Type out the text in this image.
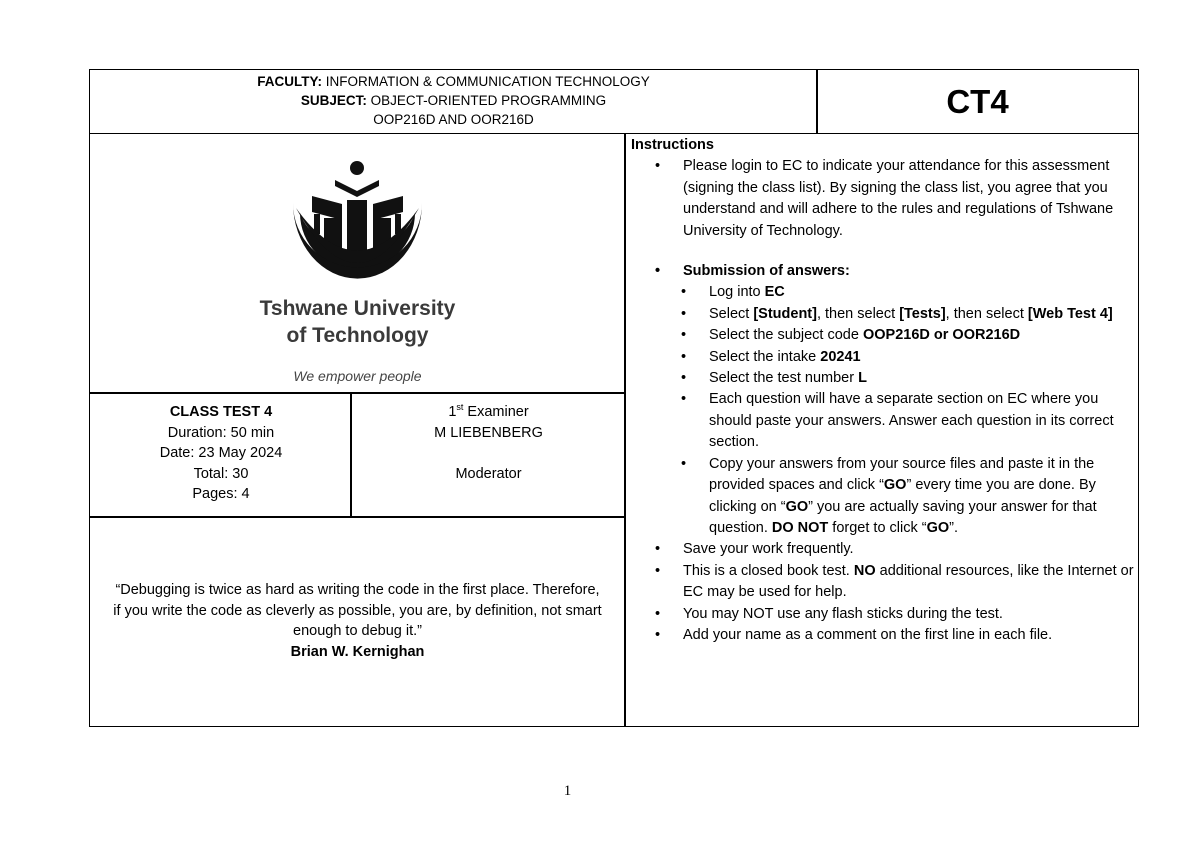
FACULTY: INFORMATION & COMMUNICATION TECHNOLOGY
SUBJECT: OBJECT-ORIENTED PROGRAMMING
OOP216D AND OOR216D	CT4
Tshwane University
of Technology
We empower people
CLASS TEST 4
Duration: 50 min
Date: 23 May 2024
Total: 30
Pages: 4
1st Examiner
M LIEBENBERG
Moderator
“Debugging is twice as hard as writing the code in the first place. Therefore, if you write the code as cleverly as possible, you are, by definition, not smart enough to debug it.”
Brian W. Kernighan
Instructions
• Please login to EC to indicate your attendance for this assessment (signing the class list). By signing the class list, you agree that you understand and will adhere to the rules and regulations of Tshwane University of Technology.
• Submission of answers:
• Log into EC
• Select [Student], then select [Tests], then select [Web Test 4]
• Select the subject code OOP216D or OOR216D
• Select the intake 20241
• Select the test number L
• Each question will have a separate section on EC where you should paste your answers. Answer each question in its correct section.
• Copy your answers from your source files and paste it in the provided spaces and click “GO” every time you are done. By clicking on “GO” you are actually saving your answer for that question. DO NOT forget to click “GO”.
• Save your work frequently.
• This is a closed book test. NO additional resources, like the Internet or EC may be used for help.
• You may NOT use any flash sticks during the test.
• Add your name as a comment on the first line in each file.
1
